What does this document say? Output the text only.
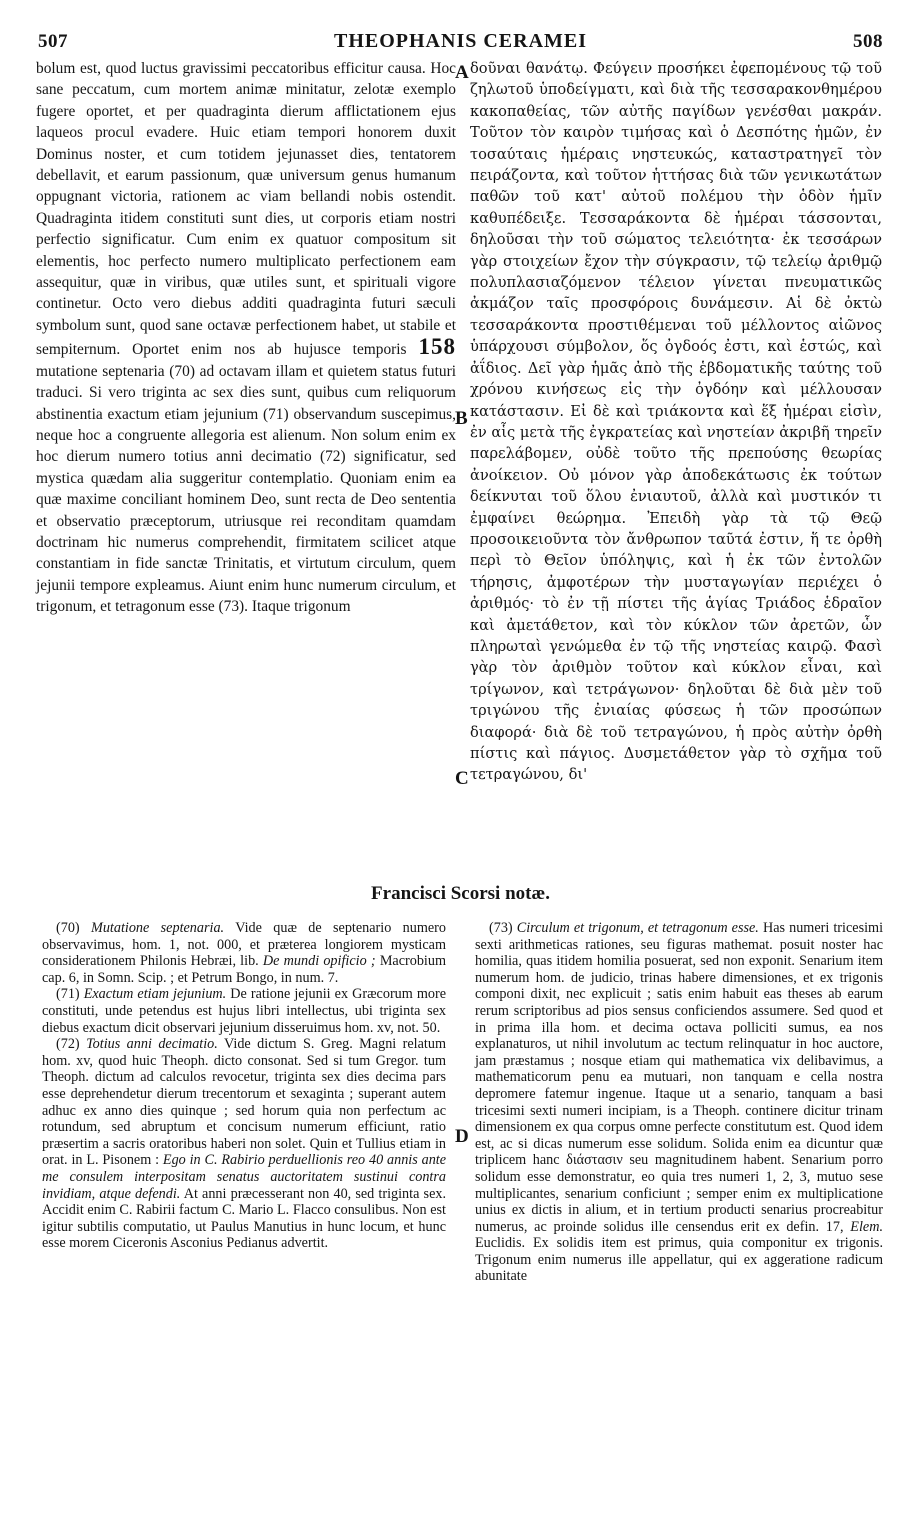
507	THEOPHANIS CERAMEI	508

bolum est, quod luctus gravissimi peccatoribus efficitur causa. Hoc sane peccatum, cum mortem animæ minitatur, zelotæ exemplo fugere oportet, et per quadraginta dierum afflictationem ejus laqueos procul evadere. Huic etiam tempori honorem duxit Dominus noster, et cum totidem jejunasset dies, tentatorem debellavit, et earum passionum, quæ universum genus humanum oppugnant victoria, rationem ac viam bellandi nobis ostendit. Quadraginta itidem constituti sunt dies, ut corporis etiam nostri perfectio significatur. Cum enim ex quatuor compositum sit elementis, hoc perfecto numero multiplicato perfectionem eam assequitur, quæ in viribus, quæ utiles sunt, et spirituali vigore continetur. Octo vero diebus additi quadraginta futuri sæculi symbolum sunt, quod sane octavæ perfectionem habet, ut stabile et sempiternum. Oportet enim nos ab hujusce temporis 158 mutatione septenaria (70) ad octavam illam et quietem status futuri traduci. Si vero triginta ac sex dies sunt, quibus cum reliquorum abstinentia exactum etiam jejunium (71) observandum suscepimus, neque hoc a congruente allegoria est alienum. Non solum enim ex hoc dierum numero totius anni decimatio (72) significatur, sed mystica quædam alia suggeritur contemplatio. Quoniam enim ea quæ maxime conciliant hominem Deo, sunt recta de Deo sententia et observatio præceptorum, utriusque rei reconditam quamdam doctrinam hic numerus comprehendit, firmitatem scilicet atque constantiam in fide sanctæ Trinitatis, et virtutum circulum, quem jejunii tempore expleamus. Aiunt enim hunc numerum circulum, et trigonum, et tetragonum esse (73). Itaque trigonum

A
B
C
D

δοῦναι θανάτῳ. Φεύγειν προσήκει ἐφεπομένους τῷ τοῦ ζηλωτοῦ ὑποδείγματι, καὶ διὰ τῆς τεσσαρακονθημέρου κακοπαθείας, τῶν αὐτῆς παγίδων γενέσθαι μακράν. Τοῦτον τὸν καιρὸν τιμήσας καὶ ὁ Δεσπότης ἡμῶν, ἐν τοσαύταις ἡμέραις νηστευκώς, καταστρατηγεῖ τὸν πειράζοντα, καὶ τοῦτον ἡττήσας διὰ τῶν γενικωτάτων παθῶν τοῦ κατ' αὐτοῦ πολέμου τὴν ὁδὸν ἡμῖν καθυπέδειξε. Τεσσαράκοντα δὲ ἡμέραι τάσσονται, δηλοῦσαι τὴν τοῦ σώματος τελειότητα· ἐκ τεσσάρων γὰρ στοιχείων ἔχον τὴν σύγκρασιν, τῷ τελείῳ ἀριθμῷ πολυπλασιαζόμενον τέλειον γίνεται πνευματικῶς ἀκμάζον ταῖς προσφόροις δυνάμεσιν. Αἱ δὲ ὀκτὼ τεσσαράκοντα προστιθέμεναι τοῦ μέλλοντος αἰῶνος ὑπάρχουσι σύμβολον, ὅς ὀγδοός ἐστι, καὶ ἑστώς, καὶ ἀΐδιος. Δεῖ γὰρ ἡμᾶς ἀπὸ τῆς ἑβδοματικῆς ταύτης τοῦ χρόνου κινήσεως εἰς τὴν ὀγδόην καὶ μέλλουσαν κατάστασιν. Εἰ δὲ καὶ τριάκοντα καὶ ἕξ ἡμέραι εἰσὶν, ἐν αἷς μετὰ τῆς ἐγκρατείας καὶ νηστείαν ἀκριβῆ τηρεῖν παρελάβομεν, οὐδὲ τοῦτο τῆς πρεπούσης θεωρίας ἀνοίκειον. Οὐ μόνον γὰρ ἀποδεκάτωσις ἐκ τούτων δείκνυται τοῦ ὅλου ἐνιαυτοῦ, ἀλλὰ καὶ μυστικόν τι ἐμφαίνει θεώρημα. Ἐπειδὴ γὰρ τὰ τῷ Θεῷ προσοικειοῦντα τὸν ἄνθρωπον ταῦτά ἐστιν, ἥ τε ὀρθὴ περὶ τὸ Θεῖον ὑπόληψις, καὶ ἡ ἐκ τῶν ἐντολῶν τήρησις, ἀμφοτέρων τὴν μυσταγωγίαν περιέχει ὁ ἀριθμός· τὸ ἐν τῇ πίστει τῆς ἁγίας Τριάδος ἑδραῖον καὶ ἀμετάθετον, καὶ τὸν κύκλον τῶν ἀρετῶν, ὧν πληρωταὶ γενώμεθα ἐν τῷ τῆς νηστείας καιρῷ. Φασὶ γὰρ τὸν ἀριθμὸν τοῦτον καὶ κύκλον εἶναι, καὶ τρίγωνον, καὶ τετράγωνον· δηλοῦται δὲ διὰ μὲν τοῦ τριγώνου τῆς ἐνιαίας φύσεως ἡ τῶν προσώπων διαφορά· διὰ δὲ τοῦ τετραγώνου, ἡ πρὸς αὐτὴν ὀρθὴ πίστις καὶ πάγιος. Δυσμετάθετον γὰρ τὸ σχῆμα τοῦ τετραγώνου, δι'

Francisci Scorsi notæ.

(70) Mutatione septenaria. Vide quæ de septenario numero observavimus, hom. 1, not. 000, et præterea longiorem mysticam considerationem Philonis Hebræi, lib. De mundi opificio ; Macrobium cap. 6, in Somn. Scip. ; et Petrum Bongo, in num. 7.

(71) Exactum etiam jejunium. De ratione jejunii ex Græcorum more constituti, unde petendus est hujus libri intellectus, ubi triginta sex diebus exactum dicit observari jejunium disseruimus hom. xv, not. 50.

(72) Totius anni decimatio. Vide dictum S. Greg. Magni relatum hom. xv, quod huic Theoph. dicto consonat. Sed si tum Gregor. tum Theoph. dictum ad calculos revocetur, triginta sex dies decima pars esse deprehendetur dierum trecentorum et sexaginta ; superant autem adhuc ex anno dies quinque ; sed horum quia non perfectum ac rotundum, sed abruptum et concisum numerum efficiunt, ratio præsertim a sacris oratoribus haberi non solet. Quin et Tullius etiam in orat. in L. Pisonem : Ego in C. Rabirio perduellionis reo 40 annis ante me consulem interpositam senatus auctoritatem sustinui contra invidiam, atque defendi. At anni præcesserant non 40, sed triginta sex. Accidit enim C. Rabirii factum C. Mario L. Flacco consulibus. Non est igitur subtilis computatio, ut Paulus Manutius in hunc locum, et hunc esse morem Ciceronis Asconius Pedianus advertit.

(73) Circulum et trigonum, et tetragonum esse. Has numeri tricesimi sexti arithmeticas rationes, seu figuras mathemat. posuit noster hac homilia, quas itidem homilia posuerat, sed non exponit. Senarium item numerum hom. de judicio, trinas habere dimensiones, et ex trigonis componi dixit, nec explicuit ; satis enim habuit eas theses ab earum rerum scriptoribus ad pios sensus conficiendos assumere. Sed quod et in prima illa hom. et decima octava polliciti sumus, ea nos explanaturos, ut nihil involutum ac tectum relinquatur in hoc auctore, jam præstamus ; nosque etiam qui mathematica vix delibavimus, a mathematicorum penu ea mutuari, non tanquam e cella nostra depromere fatemur ingenue. Itaque ut a senario, tanquam a basi tricesimi sexti numeri incipiam, is a Theoph. continere dicitur trinam dimensionem ex qua corpus omne perfecte constitutum est. Quod idem est, ac si dicas numerum esse solidum. Solida enim ea dicuntur quæ triplicem hanc διάστασιν seu magnitudinem habent. Senarium porro solidum esse demonstratur, eo quia tres numeri 1, 2, 3, mutuo sese multiplicantes, senarium conficiunt ; semper enim ex multiplicatione unius ex dictis in alium, et in tertium producti senarius procreabitur numerus, ac proinde solidus ille censendus erit ex defin. 17, Elem. Euclidis. Ex solidis item est primus, quia componitur ex trigonis. Trigonum enim numerus ille appellatur, qui ex aggeratione radicum abunitate
